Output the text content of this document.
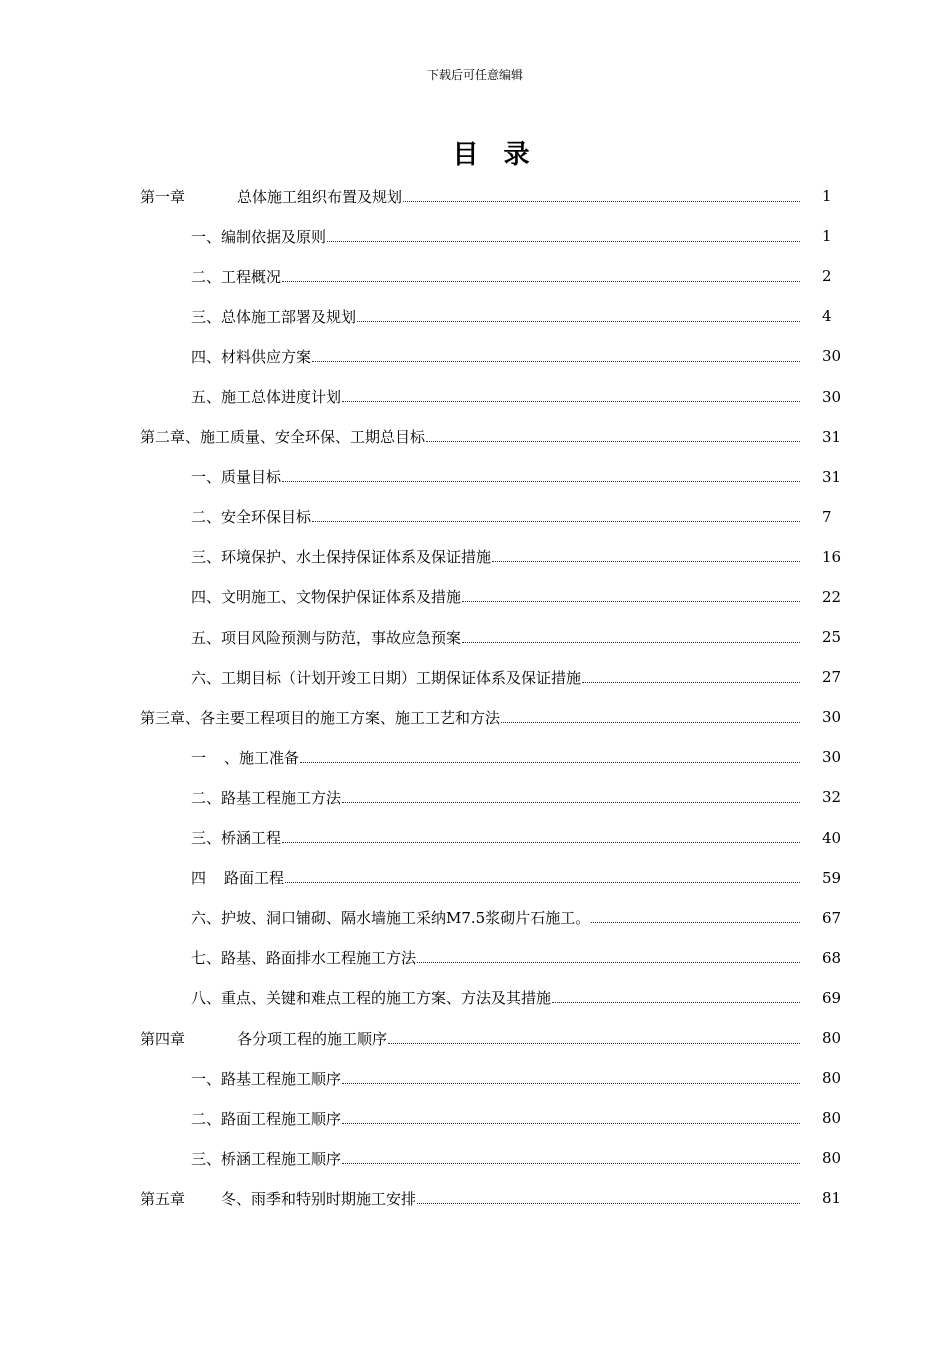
下载后可任意编辑
目 录
第一章	总体施工组织布置及规划	1
一、编制依据及原则	1
二、工程概况	2
三、总体施工部署及规划	4
四、材料供应方案	30
五、施工总体进度计划	30
第二章、施工质量、安全环保、工期总目标	31
一、质量目标	31
二、安全环保目标	7
三、环境保护、水土保持保证体系及保证措施	16
四、文明施工、文物保护保证体系及措施	22
五、项目风险预测与防范，事故应急预案	25
六、工期目标（计划开竣工日期）工期保证体系及保证措施	27
第三章、各主要工程项目的施工方案、施工工艺和方法	30
一 、施工准备	30
二、路基工程施工方法	32
三、桥涵工程	40
四 路面工程	59
六、护坡、洞口铺砌、隔水墙施工采纳M7.5浆砌片石施工。	67
七、路基、路面排水工程施工方法	68
八、重点、关键和难点工程的施工方案、方法及其措施	69
第四章	各分项工程的施工顺序	80
一、路基工程施工顺序	80
二、路面工程施工顺序	80
三、桥涵工程施工顺序	80
第五章 冬、雨季和特别时期施工安排	81
